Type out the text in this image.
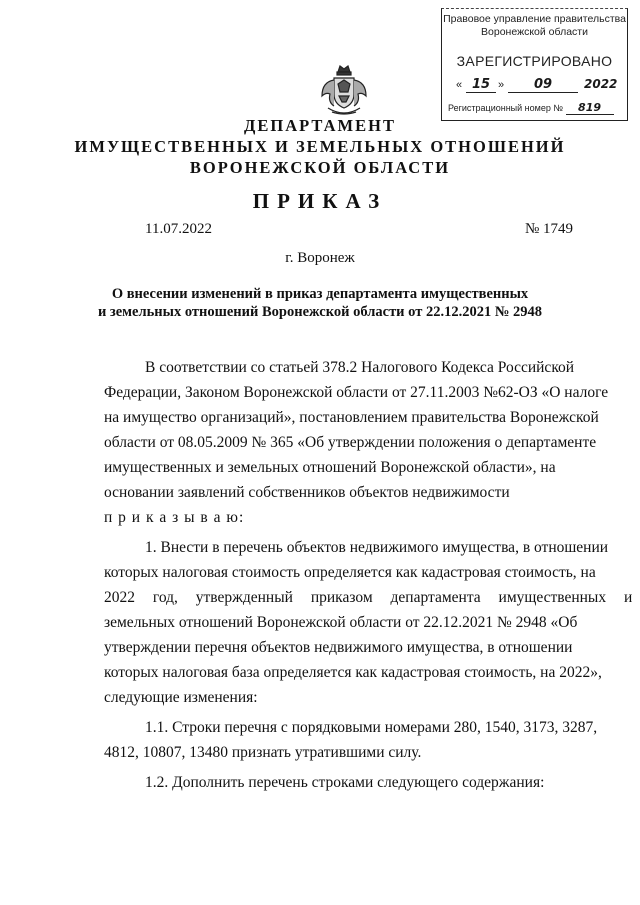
Правовое управление правительства
Воронежской области
ЗАРЕГИСТРИРОВАНО
« 15 »	09	2022
Регистрационный номер № 819
ДЕПАРТАМЕНТ
ИМУЩЕСТВЕННЫХ И ЗЕМЕЛЬНЫХ ОТНОШЕНИЙ
ВОРОНЕЖСКОЙ ОБЛАСТИ
ПРИКАЗ
11.07.2022	№ 1749
г. Воронеж
О внесении изменений в приказ департамента имущественных
и земельных отношений Воронежской области от 22.12.2021 № 2948
В соответствии со статьей 378.2 Налогового Кодекса Российской
Федерации, Законом Воронежской области от 27.11.2003 №62-ОЗ «О налоге
на имущество организаций», постановлением правительства Воронежской
области от 08.05.2009 № 365 «Об утверждении положения о департаменте
имущественных и земельных отношений Воронежской области», на
основании заявлений собственников объектов недвижимости
п р и к а з ы в а ю:
1. Внести в перечень объектов недвижимого имущества, в отношении
которых налоговая стоимость определяется как кадастровая стоимость, на
2022 год, утвержденный приказом департамента имущественных и
земельных отношений Воронежской области от 22.12.2021 № 2948 «Об
утверждении перечня объектов недвижимого имущества, в отношении
которых налоговая база определяется как кадастровая стоимость, на 2022»,
следующие изменения:
1.1. Строки перечня с порядковыми номерами 280, 1540, 3173, 3287,
4812, 10807, 13480 признать утратившими силу.
1.2. Дополнить перечень строками следующего содержания:
